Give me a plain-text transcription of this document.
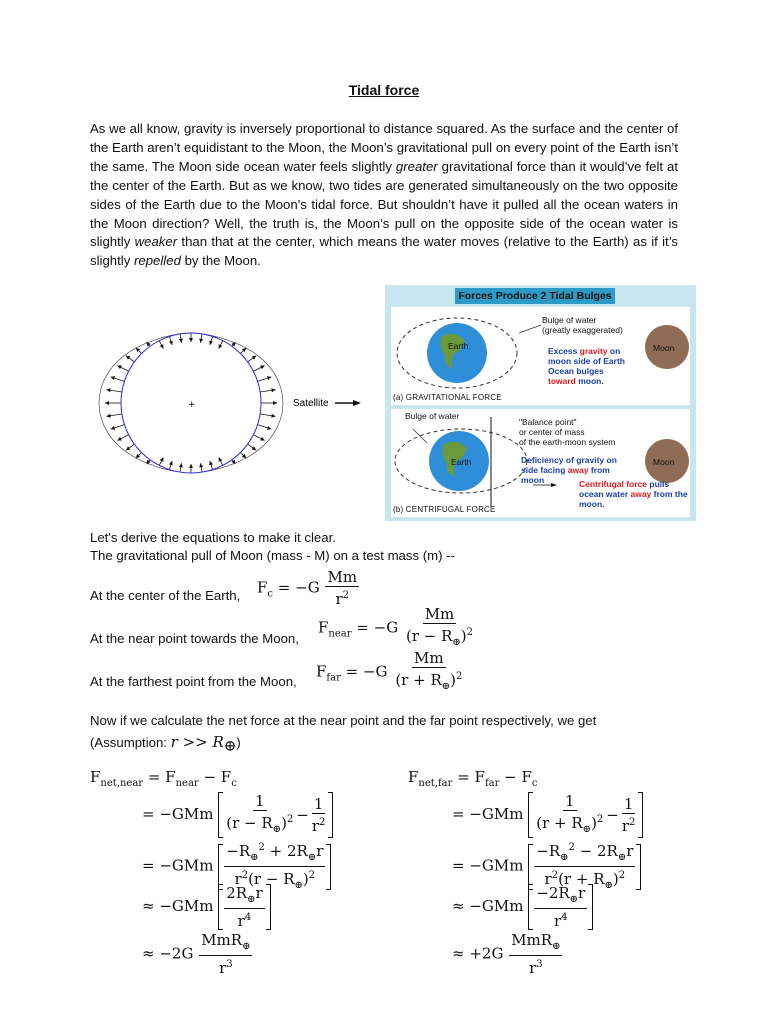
Tidal force
As we all know, gravity is inversely proportional to distance squared. As the surface and the center of the Earth aren’t equidistant to the Moon, the Moon’s gravitational pull on every point of the Earth isn’t the same. The Moon side ocean water feels slightly greater gravitational force than it would’ve felt at the center of the Earth. But as we know, two tides are generated simultaneously on the two opposite sides of the Earth due to the Moon's tidal force. But shouldn’t have it pulled all the ocean waters in the Moon direction? Well, the truth is, the Moon’s pull on the opposite side of the ocean water is slightly weaker than that at the center, which means the water moves (relative to the Earth) as if it’s slightly repelled by the Moon.
+	Satellite
Forces Produce 2 Tidal Bulges
Earth	Moon
Bulge of water
(greatly exaggerated)
Excess gravity on
moon side of Earth
Ocean bulges
toward moon.
(a) GRAVITATIONAL FORCE
Bulge of water
"Balance point"
or center of mass
of the earth-moon system
Earth	Moon
Deficiency of gravity on
side facing away from
moon	Centrifugal force pulls
ocean water away from the
moon.
(b) CENTRIFUGAL FORCE
Let's derive the equations to make it clear.
The gravitational pull of Moon (mass - M) on a test mass (m) --
At the center of the Earth, $F_c = -G \frac{Mm}{r^2}$
At the near point towards the Moon,
$F_{near} = -G \frac{Mm}{(r - R_\oplus)^2}$
At the farthest point from the Moon,
$F_{far} = -G \frac{Mm}{(r + R_\oplus)^2}$
Now if we calculate the net force at the near point and the far point respectively, we get
(Assumption: $r >> R_\oplus$)
$F_{net,near} = F_{near} - F_c$
= $-GMm \frac{1}{(r - R_\oplus)^2} - \frac{1}{r^2}$
= $-GMm \frac{-R_\oplus^2 + 2R_\oplus r}{r^2(r - R_\oplus)^2}$
≈ $-GMm \frac{2R_\oplus r}{r^4}$
≈ $-2G \frac{MmR_\oplus}{r^3}$
$F_{net,far} = F_{far} - F_c$
= $-GMm \frac{1}{(r + R_\oplus)^2} - \frac{1}{r^2}$
= $-GMm \frac{-R_\oplus^2 - 2R_\oplus r}{r^2(r + R_\oplus)^2}$
≈ $-GMm \frac{-2R_\oplus r}{r^4}$
≈ $+2G \frac{MmR_\oplus}{r^3}$
